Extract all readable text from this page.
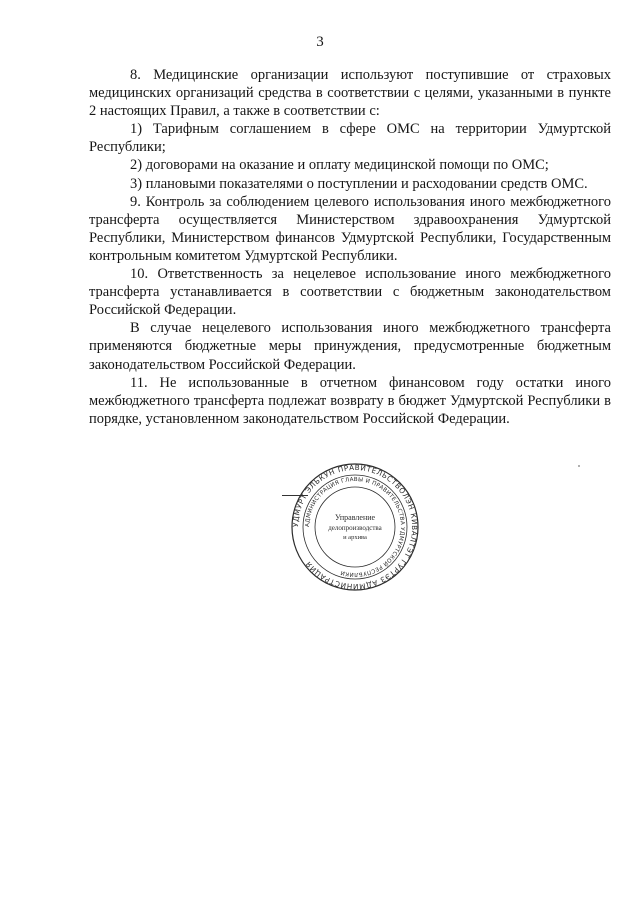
3

8. Медицинские организации используют поступившие от страховых медицинских организаций средства в соответствии с целями, указанными в пункте 2 настоящих Правил, а также в соответствии с:

1) Тарифным соглашением в сфере ОМС на территории Удмуртской Республики;

2) договорами на оказание и оплату медицинской помощи по ОМС;

3) плановыми показателями о поступлении и расходовании средств ОМС.

9. Контроль за соблюдением целевого использования иного межбюджетного трансферта осуществляется Министерством здравоохранения Удмуртской Республики, Министерством финансов Удмуртской Республики, Государственным контрольным комитетом Удмуртской Республики.

10. Ответственность за нецелевое использование иного межбюджетного трансферта устанавливается в соответствии с бюджетным законодательством Российской Федерации.

В случае нецелевого использования иного межбюджетного трансферта применяются бюджетные меры принуждения, предусмотренные бюджетным законодательством Российской Федерации.

11. Не использованные в отчетном финансовом году остатки иного межбюджетного трансферта подлежат возврату в бюджет Удмуртской Республики в порядке, установленном законодательством Российской Федерации.

УДМУРТ ЭЛЬКУН ПРАВИТЕЛЬСТВОЛЭН КИВАЛТЭТ ГУРТЭЗ АДМИНИСТРАЦИЯ
АДМИНИСТРАЦИЯ ГЛАВЫ И ПРАВИТЕЛЬСТВА УДМУРТСКОЙ РЕСПУБЛИКИ
Управление
делопроизводства
и архива
